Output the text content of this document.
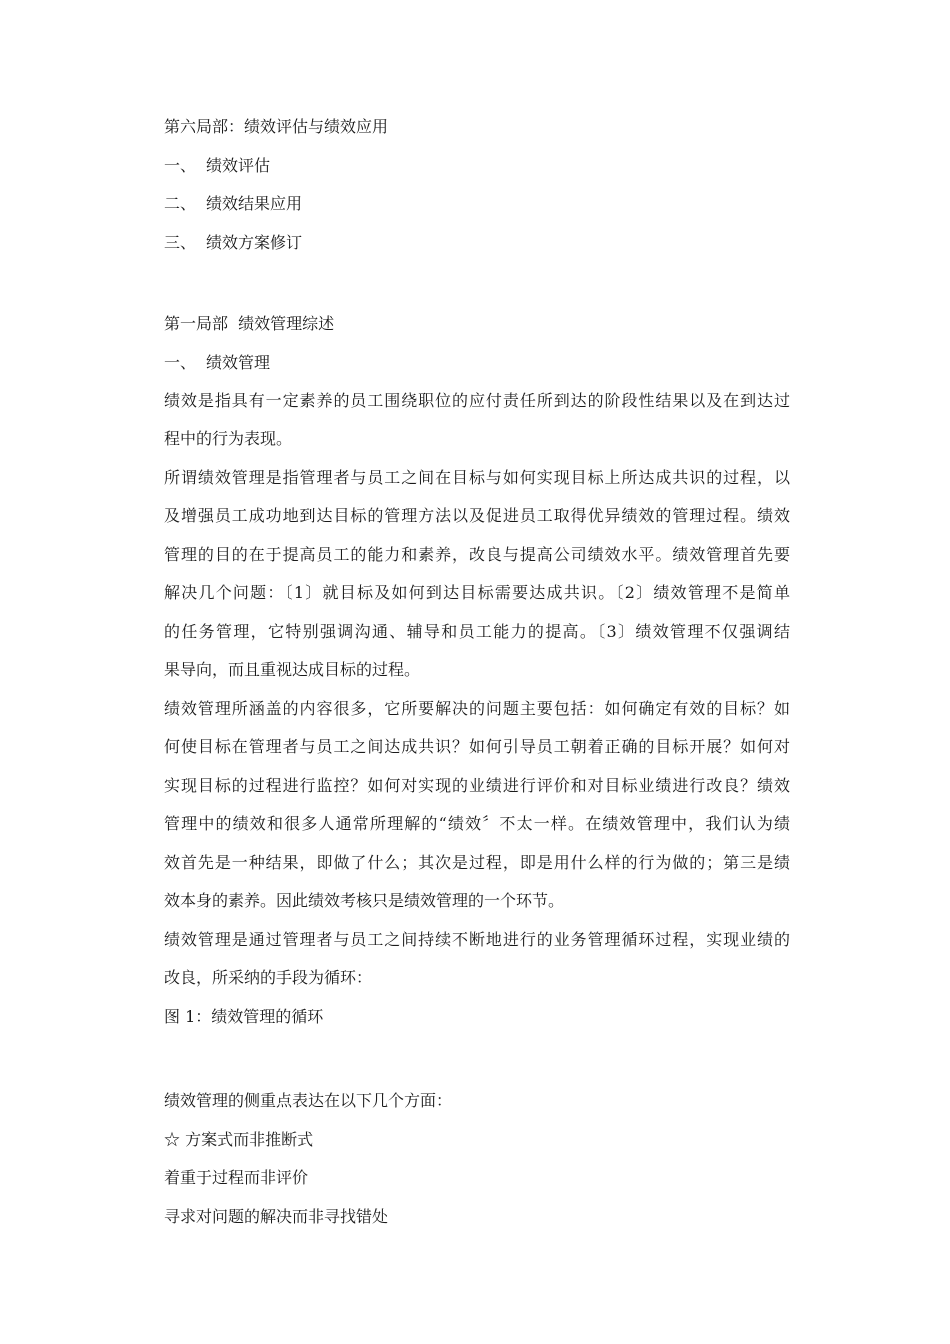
第六局部：绩效评估与绩效应用
一、 绩效评估
二、 绩效结果应用
三、 绩效方案修订
第一局部  绩效管理综述
一、 绩效管理
绩效是指具有一定素养的员工围绕职位的应付责任所到达的阶段性结果以及在到达过
程中的行为表现。
所谓绩效管理是指管理者与员工之间在目标与如何实现目标上所达成共识的过程，以
及增强员工成功地到达目标的管理方法以及促进员工取得优异绩效的管理过程。绩效
管理的目的在于提高员工的能力和素养，改良与提高公司绩效水平。绩效管理首先要
解决几个问题：〔1〕就目标及如何到达目标需要达成共识。〔2〕绩效管理不是简单
的任务管理，它特别强调沟通、辅导和员工能力的提高。〔3〕绩效管理不仅强调结
果导向，而且重视达成目标的过程。
绩效管理所涵盖的内容很多，它所要解决的问题主要包括：如何确定有效的目标？如
何使目标在管理者与员工之间达成共识？如何引导员工朝着正确的目标开展？如何对
实现目标的过程进行监控？如何对实现的业绩进行评价和对目标业绩进行改良？绩效
管理中的绩效和很多人通常所理解的“绩效〞不太一样。在绩效管理中，我们认为绩
效首先是一种结果，即做了什么；其次是过程，即是用什么样的行为做的；第三是绩
效本身的素养。因此绩效考核只是绩效管理的一个环节。
绩效管理是通过管理者与员工之间持续不断地进行的业务管理循环过程，实现业绩的
改良，所采纳的手段为循环：
图 1：绩效管理的循环
绩效管理的侧重点表达在以下几个方面：
☆ 方案式而非推断式
着重于过程而非评价
寻求对问题的解决而非寻找错处
